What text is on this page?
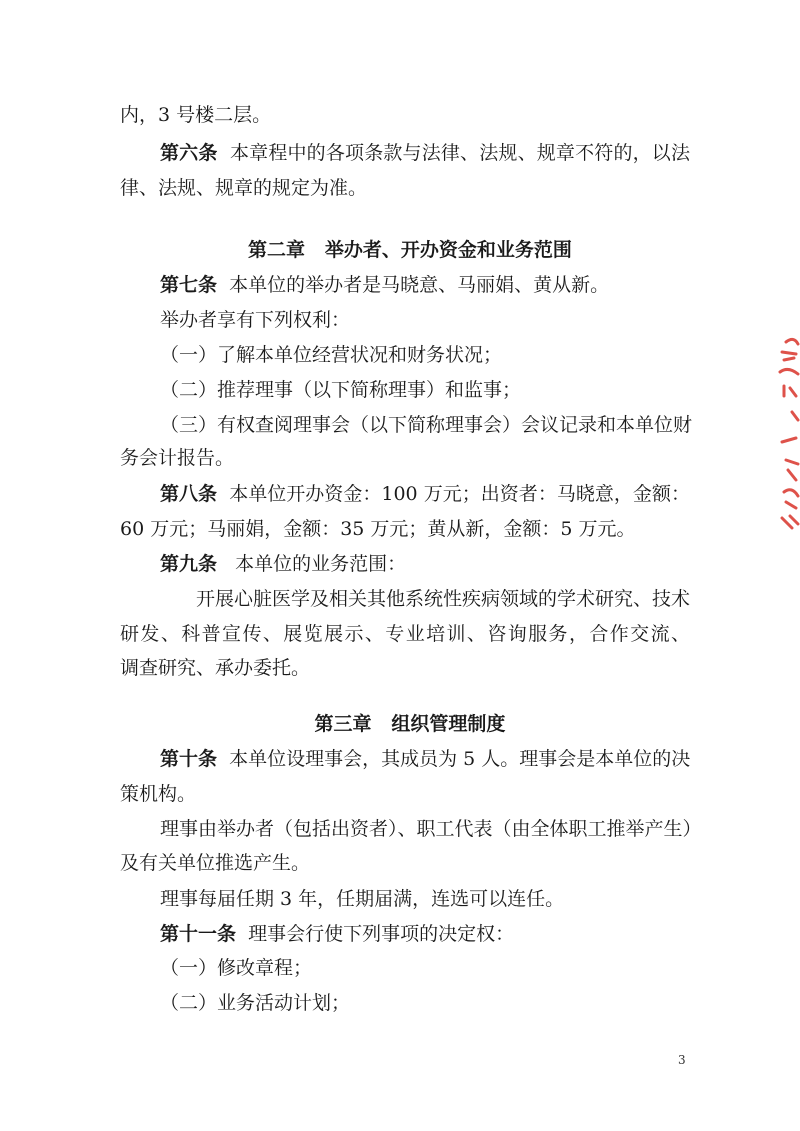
内，3 号楼二层。
第六条 本章程中的各项条款与法律、法规、规章不符的，以法
律、法规、规章的规定为准。
第二章 举办者、开办资金和业务范围
第七条 本单位的举办者是马晓意、马丽娟、黄从新。
举办者享有下列权利：
（一）了解本单位经营状况和财务状况；
（二）推荐理事（以下简称理事）和监事；
（三）有权查阅理事会（以下简称理事会）会议记录和本单位财
务会计报告。
第八条 本单位开办资金：100 万元；出资者：马晓意，金额：
60 万元；马丽娟，金额：35 万元；黄从新，金额：5 万元。
第九条 本单位的业务范围：
开展心脏医学及相关其他系统性疾病领域的学术研究、技术
研发、科普宣传、展览展示、专业培训、咨询服务，合作交流、
调查研究、承办委托。
第三章 组织管理制度
第十条 本单位设理事会，其成员为 5 人。理事会是本单位的决
策机构。
理事由举办者（包括出资者）、职工代表（由全体职工推举产生）
及有关单位推选产生。
理事每届任期 3 年，任期届满，连选可以连任。
第十一条 理事会行使下列事项的决定权：
（一）修改章程；
（二）业务活动计划；
3
